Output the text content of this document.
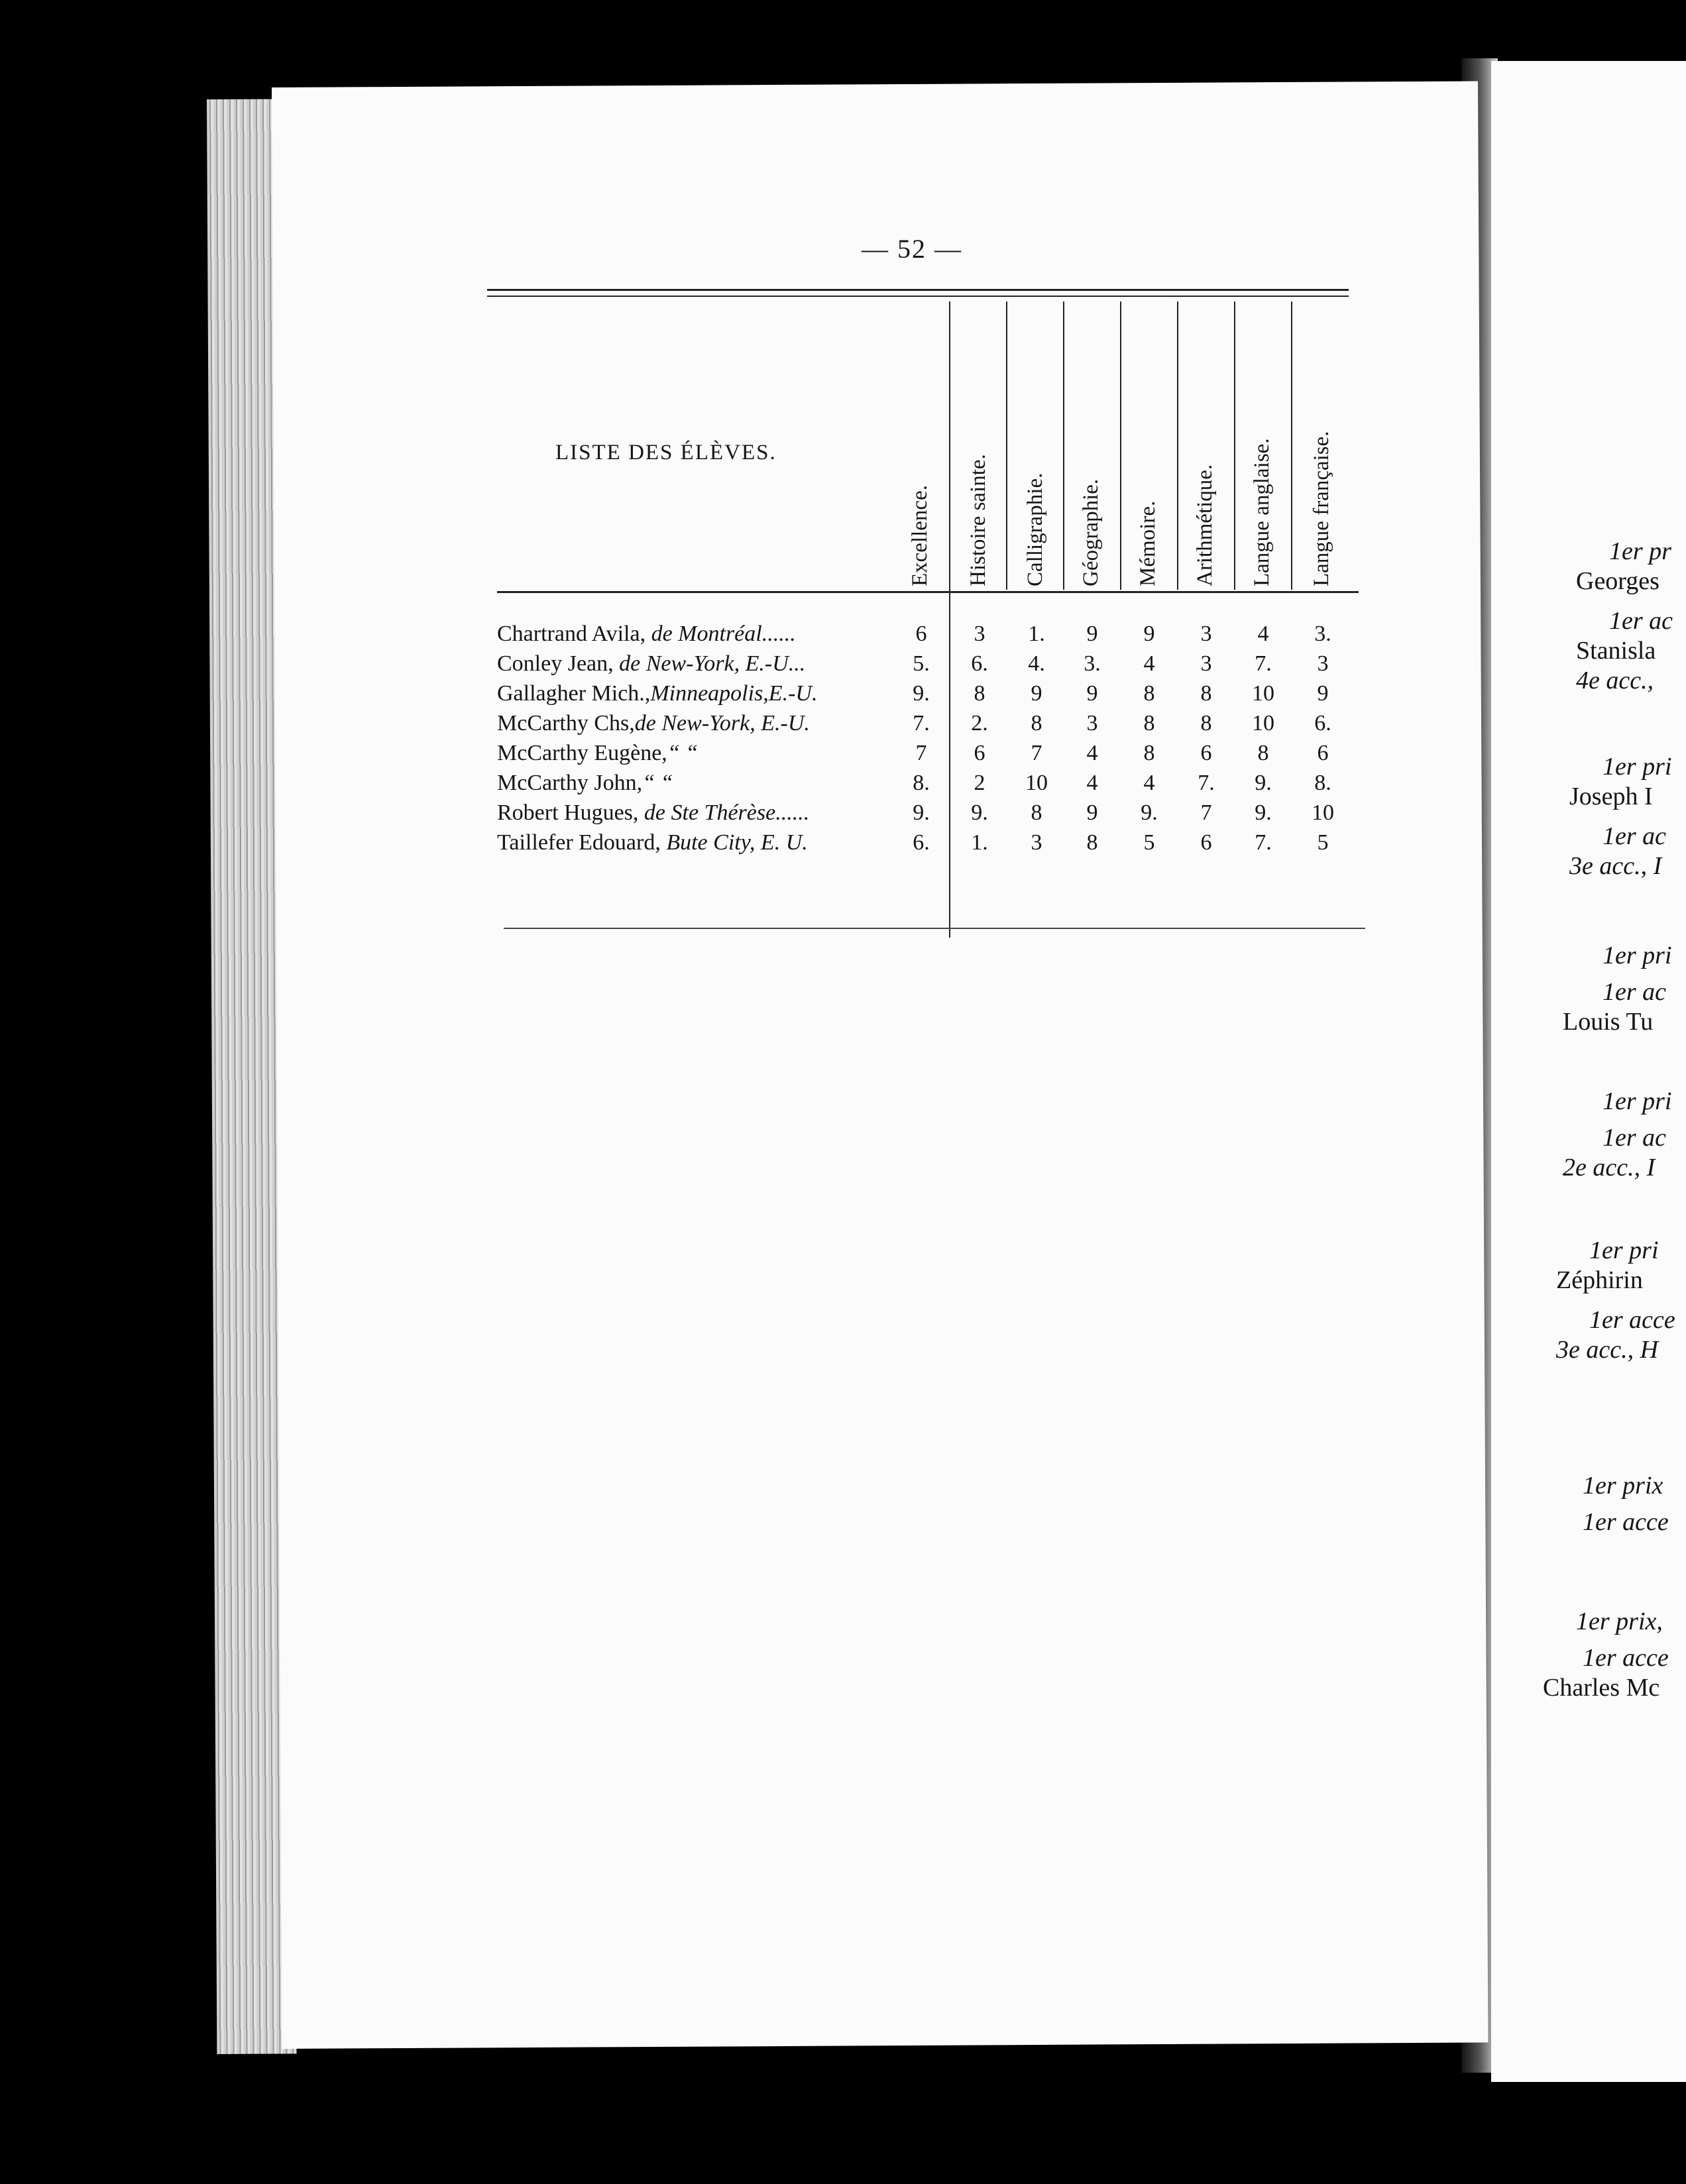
1er pr
Georges
1er ac
Stanisla
4e acc.,
1er pri
Joseph I
1er ac
3e acc., I
1er pri
1er ac
Louis Tu
1er pri
1er ac
2e acc., I
1er pri
Zéphirin
1er acce
3e acc., H
1er prix
1er acce
1er prix,
1er acce
Charles Mc
— 52 —
LISTE DES ÉLÈVES.
Excellence. Histoire sainte. Calligraphie. Géographie. Mémoire. Arithmétique. Langue anglaise. Langue française.
Chartrand Avila, de Montréal......	6	3	1.	9	9	3	4	3.
Conley Jean, de New-York, E.-U...	5.	6.	4.	3.	4	3	7.	3
Gallagher Mich.,Minneapolis,E.-U.	9.	8	9	9	8	8	10	9
McCarthy Chs,de New-York, E.-U.	7.	2.	8	3	8	8	10	6.
McCarthy Eugène,“ “	7	6	7	4	8	6	8	6
McCarthy John,“ “	8.	2	10	4	4	7.	9.	8.
Robert Hugues, de Ste Thérèse......	9.	9.	8	9	9.	7	9.	10
Taillefer Edouard, Bute City, E. U.	6.	1.	3	8	5	6	7.	5
